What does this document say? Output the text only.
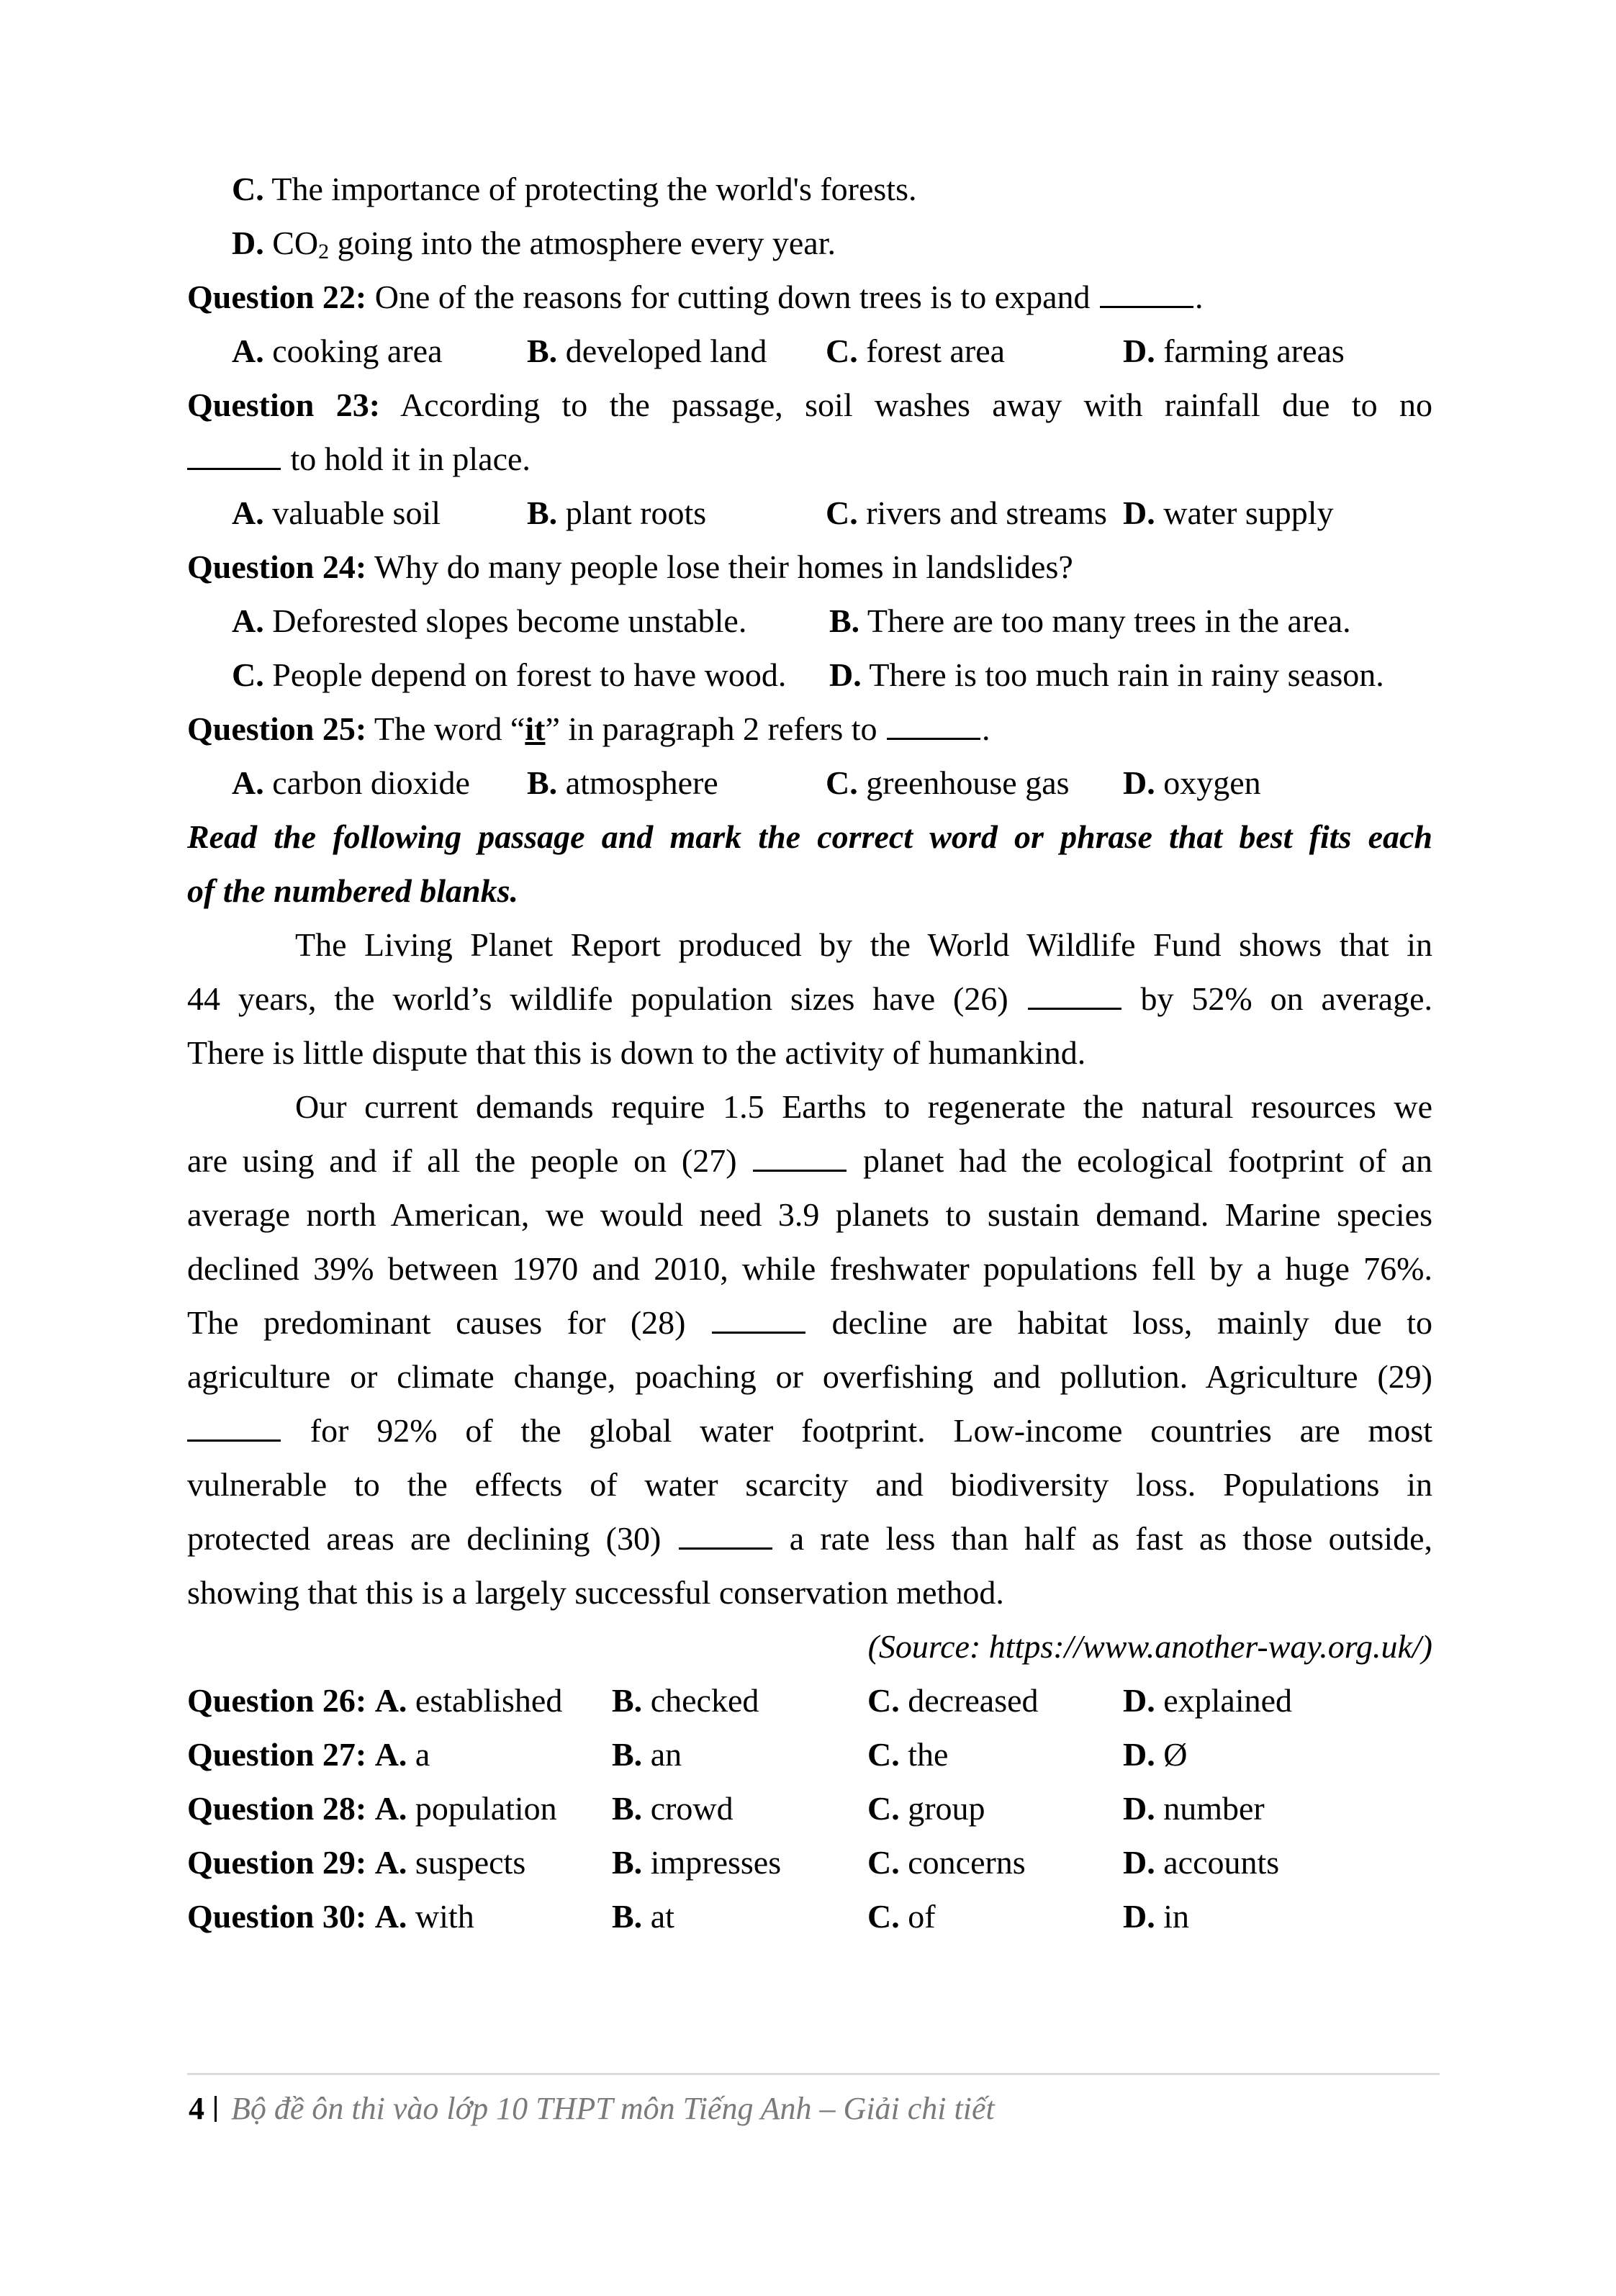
C. The importance of protecting the world's forests.
D. $CO_2$ going into the atmosphere every year.
Question 22: One of the reasons for cutting down trees is to expand	.
A. cooking area	B. developed land	C. forest area	D. farming areas
Question 23: According to the passage, soil washes away with rainfall due to no
to hold it in place.
A. valuable soil	B. plant roots	C. rivers and streams D. water supply
Question 24: Why do many people lose their homes in landslides?
A. Deforested slopes become unstable.	B. There are too many trees in the area.
C. People depend on forest to have wood.	D. There is too much rain in rainy season.
Question 25: The word “it” in paragraph 2 refers to	.
A. carbon dioxide	B. atmosphere	C. greenhouse gas	D. oxygen
Read the following passage and mark the correct word or phrase that best fits each
of the numbered blanks.
The Living Planet Report produced by the World Wildlife Fund shows that in
44 years, the world’s wildlife population sizes have (26)	by 52% on average.
There is little dispute that this is down to the activity of humankind.
Our current demands require 1.5 Earths to regenerate the natural resources we
are using and if all the people on (27)	planet had the ecological footprint of an
average north American, we would need 3.9 planets to sustain demand. Marine species
declined 39% between 1970 and 2010, while freshwater populations fell by a huge 76%.
The predominant causes for (28)	decline are habitat loss, mainly due to
agriculture or climate change, poaching or overfishing and pollution. Agriculture (29)
for 92% of the global water footprint. Low-income countries are most
vulnerable to the effects of water scarcity and biodiversity loss. Populations in
protected areas are declining (30)	a rate less than half as fast as those outside,
showing that this is a largely successful conservation method.
(Source: https://www.another-way.org.uk/)
Question 26: A. established	B. checked	C. decreased	D. explained
Question 27: A. a	B. an	C. the	D. Ø
Question 28: A. population	B. crowd	C. group	D. number
Question 29: A. suspects	B. impresses	C. concerns	D. accounts
Question 30: A. with	B. at	C. of	D. in
4 Bộ đề ôn thi vào lớp 10 THPT môn Tiếng Anh – Giải chi tiết
